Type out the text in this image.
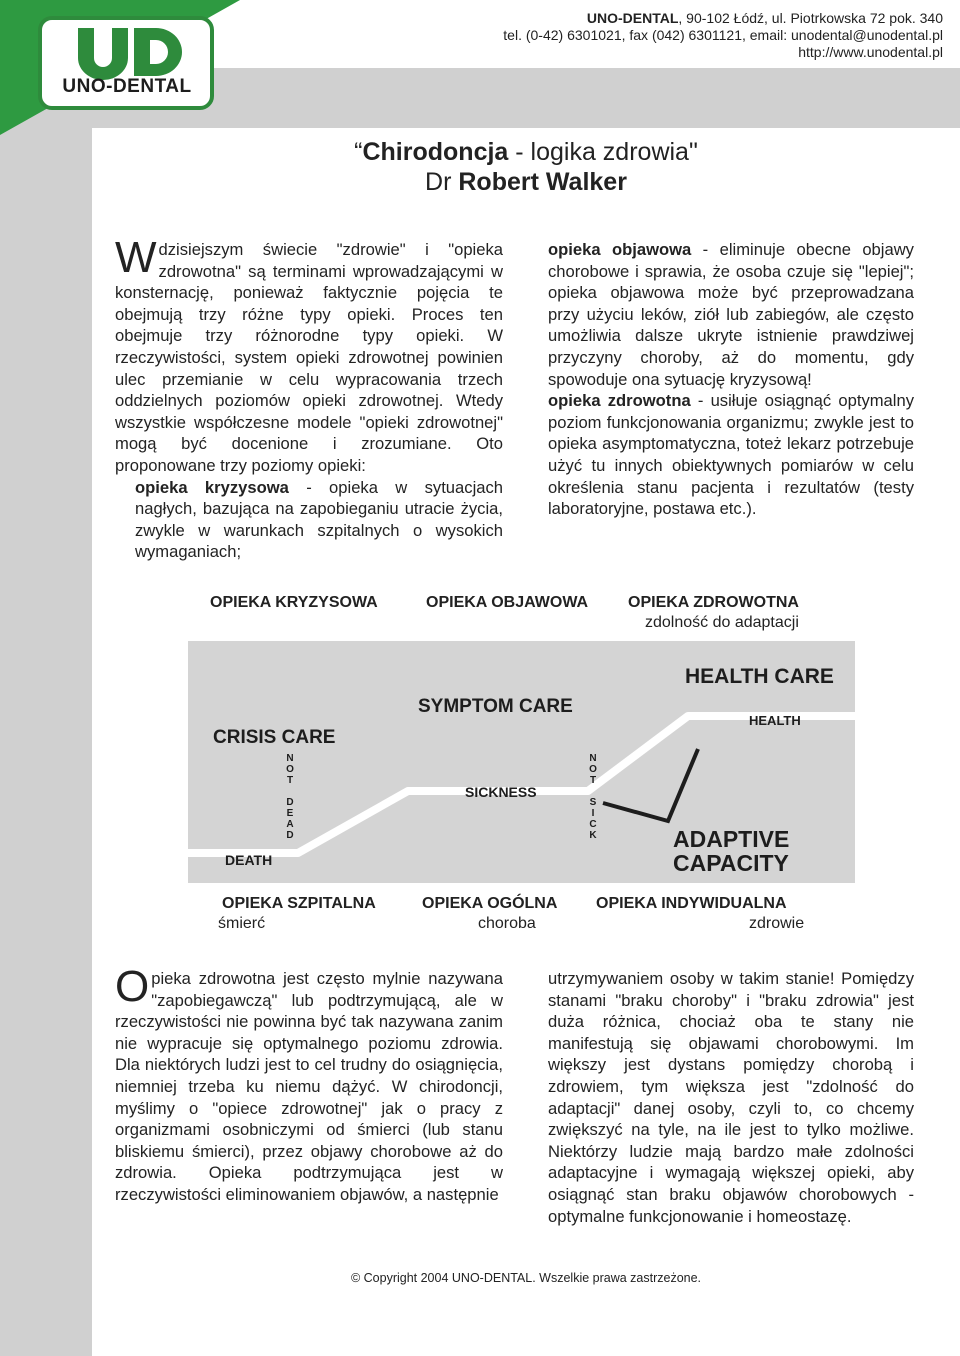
UNO-DENTAL
UNO-DENTAL, 90-102 Łódź, ul. Piotrkowska 72 pok. 340
tel. (0-42) 6301021, fax (042) 6301121, email: unodental@unodental.pl
http://www.unodental.pl
“Chirodoncja - logika zdrowia"
Dr Robert Walker
Wdzisiejszym świecie "zdrowie" i "opieka zdrowotna" są terminami wprowadzającymi w konsternację, ponieważ faktycznie pojęcia te obejmują trzy różne typy opieki. Proces ten obejmuje trzy różnorodne typy opieki. W rzeczywistości, system opieki zdrowotnej powinien ulec przemianie w celu wypracowania trzech oddzielnych poziomów opieki zdrowotnej. Wtedy wszystkie współczesne modele "opieki zdrowotnej" mogą być docenione i zrozumiane. Oto proponowane trzy poziomy opieki:
opieka kryzysowa - opieka w sytuacjach nagłych, bazująca na zapobieganiu utracie życia, zwykle w warunkach szpitalnych o wysokich wymaganiach;
opieka objawowa - eliminuje obecne objawy chorobowe i sprawia, że osoba czuje się "lepiej"; opieka objawowa może być przeprowadzana przy użyciu leków, ziół lub zabiegów, ale często umożliwia dalsze ukryte istnienie prawdziwej przyczyny choroby, aż do momentu, gdy spowoduje ona sytuację kryzysową!
opieka zdrowotna - usiłuje osiągnąć optymalny poziom funkcjonowania organizmu; zwykle jest to opieka asymptomatyczna, toteż lekarz potrzebuje użyć tu innych obiektywnych pomiarów w celu określenia stanu pacjenta i rezultatów (testy laboratoryjne, postawa etc.).
OPIEKA KRYZYSOWA	OPIEKA OBJAWOWA OPIEKA ZDROWOTNA
zdolność do adaptacji
CRISIS CARE
SYMPTOM CARE
HEALTH CARE
DEATH
SICKNESS
HEALTH
ADAPTIVE
CAPACITY
N
O
T

D
E
A
D
N
O
T

S
I
C
K
OPIEKA SZPITALNA	OPIEKA OGÓLNA OPIEKA INDYWIDUALNA
śmierć	choroba	zdrowie
Opieka zdrowotna jest często mylnie nazywana "zapobiegawczą" lub podtrzymującą, ale w rzeczywistości nie powinna być tak nazywana zanim nie wypracuje się optymalnego poziomu zdrowia. Dla niektórych ludzi jest to cel trudny do osiągnięcia, niemniej trzeba ku niemu dążyć. W chirodoncji, myślimy o "opiece zdrowotnej" jak o pracy z organizmami osobniczymi od śmierci (lub stanu bliskiemu śmierci), przez objawy chorobowe aż do zdrowia. Opieka podtrzymująca jest w rzeczywistości eliminowaniem objawów, a następnie
utrzymywaniem osoby w takim stanie! Pomiędzy stanami "braku choroby" i "braku zdrowia" jest duża różnica, chociaż oba te stany nie manifestują się objawami chorobowymi. Im większy jest dystans pomiędzy chorobą i zdrowiem, tym większa jest "zdolność do adaptacji" danej osoby, czyli to, co chcemy zwiększyć na tyle, na ile jest to tylko możliwe. Niektórzy ludzie mają bardzo małe zdolności adaptacyjne i wymagają większej opieki, aby osiągnąć stan braku objawów chorobowych - optymalne funkcjonowanie i homeostazę.
© Copyright 2004 UNO-DENTAL. Wszelkie prawa zastrzeżone.
